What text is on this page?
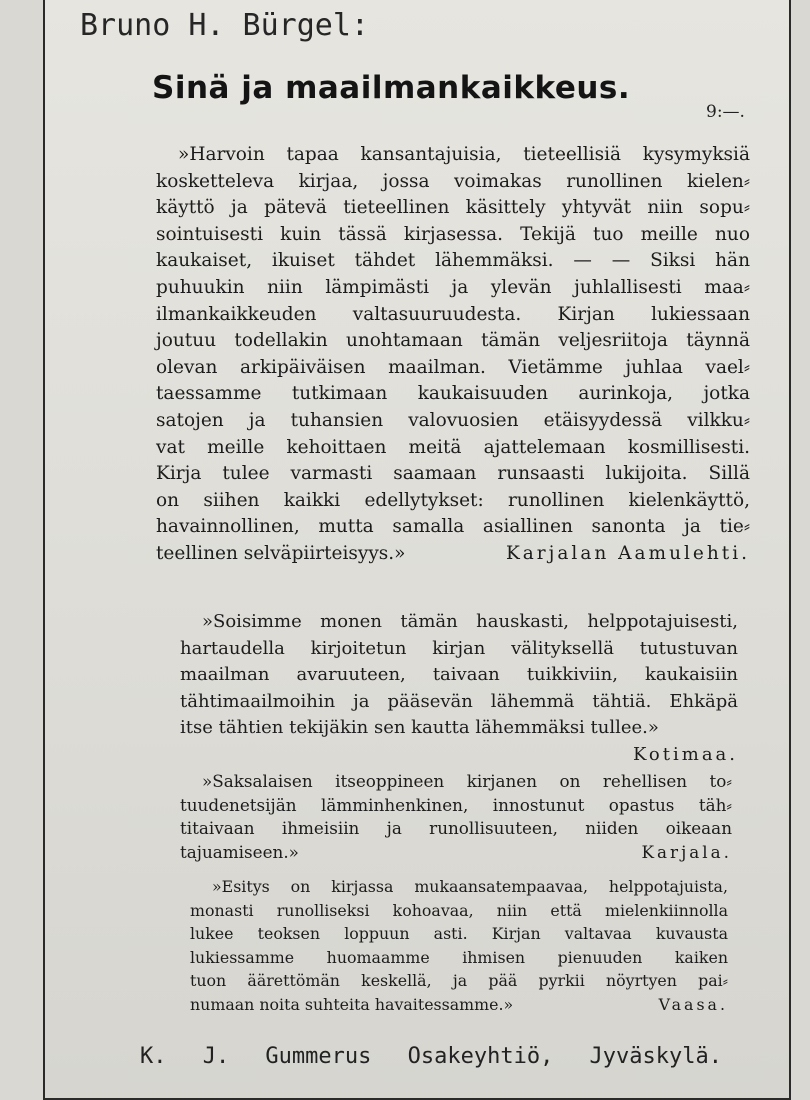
Bruno H. Bürgel:
Sinä ja maailmankaikkeus.
9:—.
»Harvoin tapaa kansantajuisia, tieteellisiä kysymyksiä
kosketteleva kirjaa, jossa voimakas runollinen kielen⸗
käyttö ja pätevä tieteellinen käsittely yhtyvät niin sopu⸗
sointuisesti kuin tässä kirjasessa. Tekijä tuo meille nuo
kaukaiset, ikuiset tähdet lähemmäksi. — — Siksi hän
puhuukin niin lämpimästi ja ylevän juhlallisesti maa⸗
ilmankaikkeuden valtasuuruudesta. Kirjan lukiessaan
joutuu todellakin unohtamaan tämän veljesriitoja täynnä
olevan arkipäiväisen maailman. Vietämme juhlaa vael⸗
taessamme tutkimaan kaukaisuuden aurinkoja, jotka
satojen ja tuhansien valovuosien etäisyydessä vilkku⸗
vat meille kehoittaen meitä ajattelemaan kosmillisesti.
Kirja tulee varmasti saamaan runsaasti lukijoita. Sillä
on siihen kaikki edellytykset: runollinen kielenkäyttö,
havainnollinen, mutta samalla asiallinen sanonta ja tie⸗
teellinen selväpiirteisyys.»	Karjalan Aamulehti.
»Soisimme monen tämän hauskasti, helppotajuisesti,
hartaudella kirjoitetun kirjan välityksellä tutustuvan
maailman avaruuteen, taivaan tuikkiviin, kaukaisiin
tähtimaailmoihin ja pääsevän lähemmä tähtiä. Ehkäpä
itse tähtien tekijäkin sen kautta lähemmäksi tullee.»
Kotimaa.
»Saksalaisen itseoppineen kirjanen on rehellisen to⸗
tuudenetsijän lämminhenkinen, innostunut opastus täh⸗
titaivaan ihmeisiin ja runollisuuteen, niiden oikeaan
tajuamiseen.»	Karjala.
»Esitys on kirjassa mukaansatempaavaa, helppotajuista,
monasti runolliseksi kohoavaa, niin että mielenkiinnolla
lukee teoksen loppuun asti. Kirjan valtavaa kuvausta
lukiessamme huomaamme ihmisen pienuuden kaiken
tuon äärettömän keskellä, ja pää pyrkii nöyrtyen pai⸗
numaan noita suhteita havaitessamme.»	Vaasa.
K. J. Gummerus Osakeyhtiö, Jyväskylä.
